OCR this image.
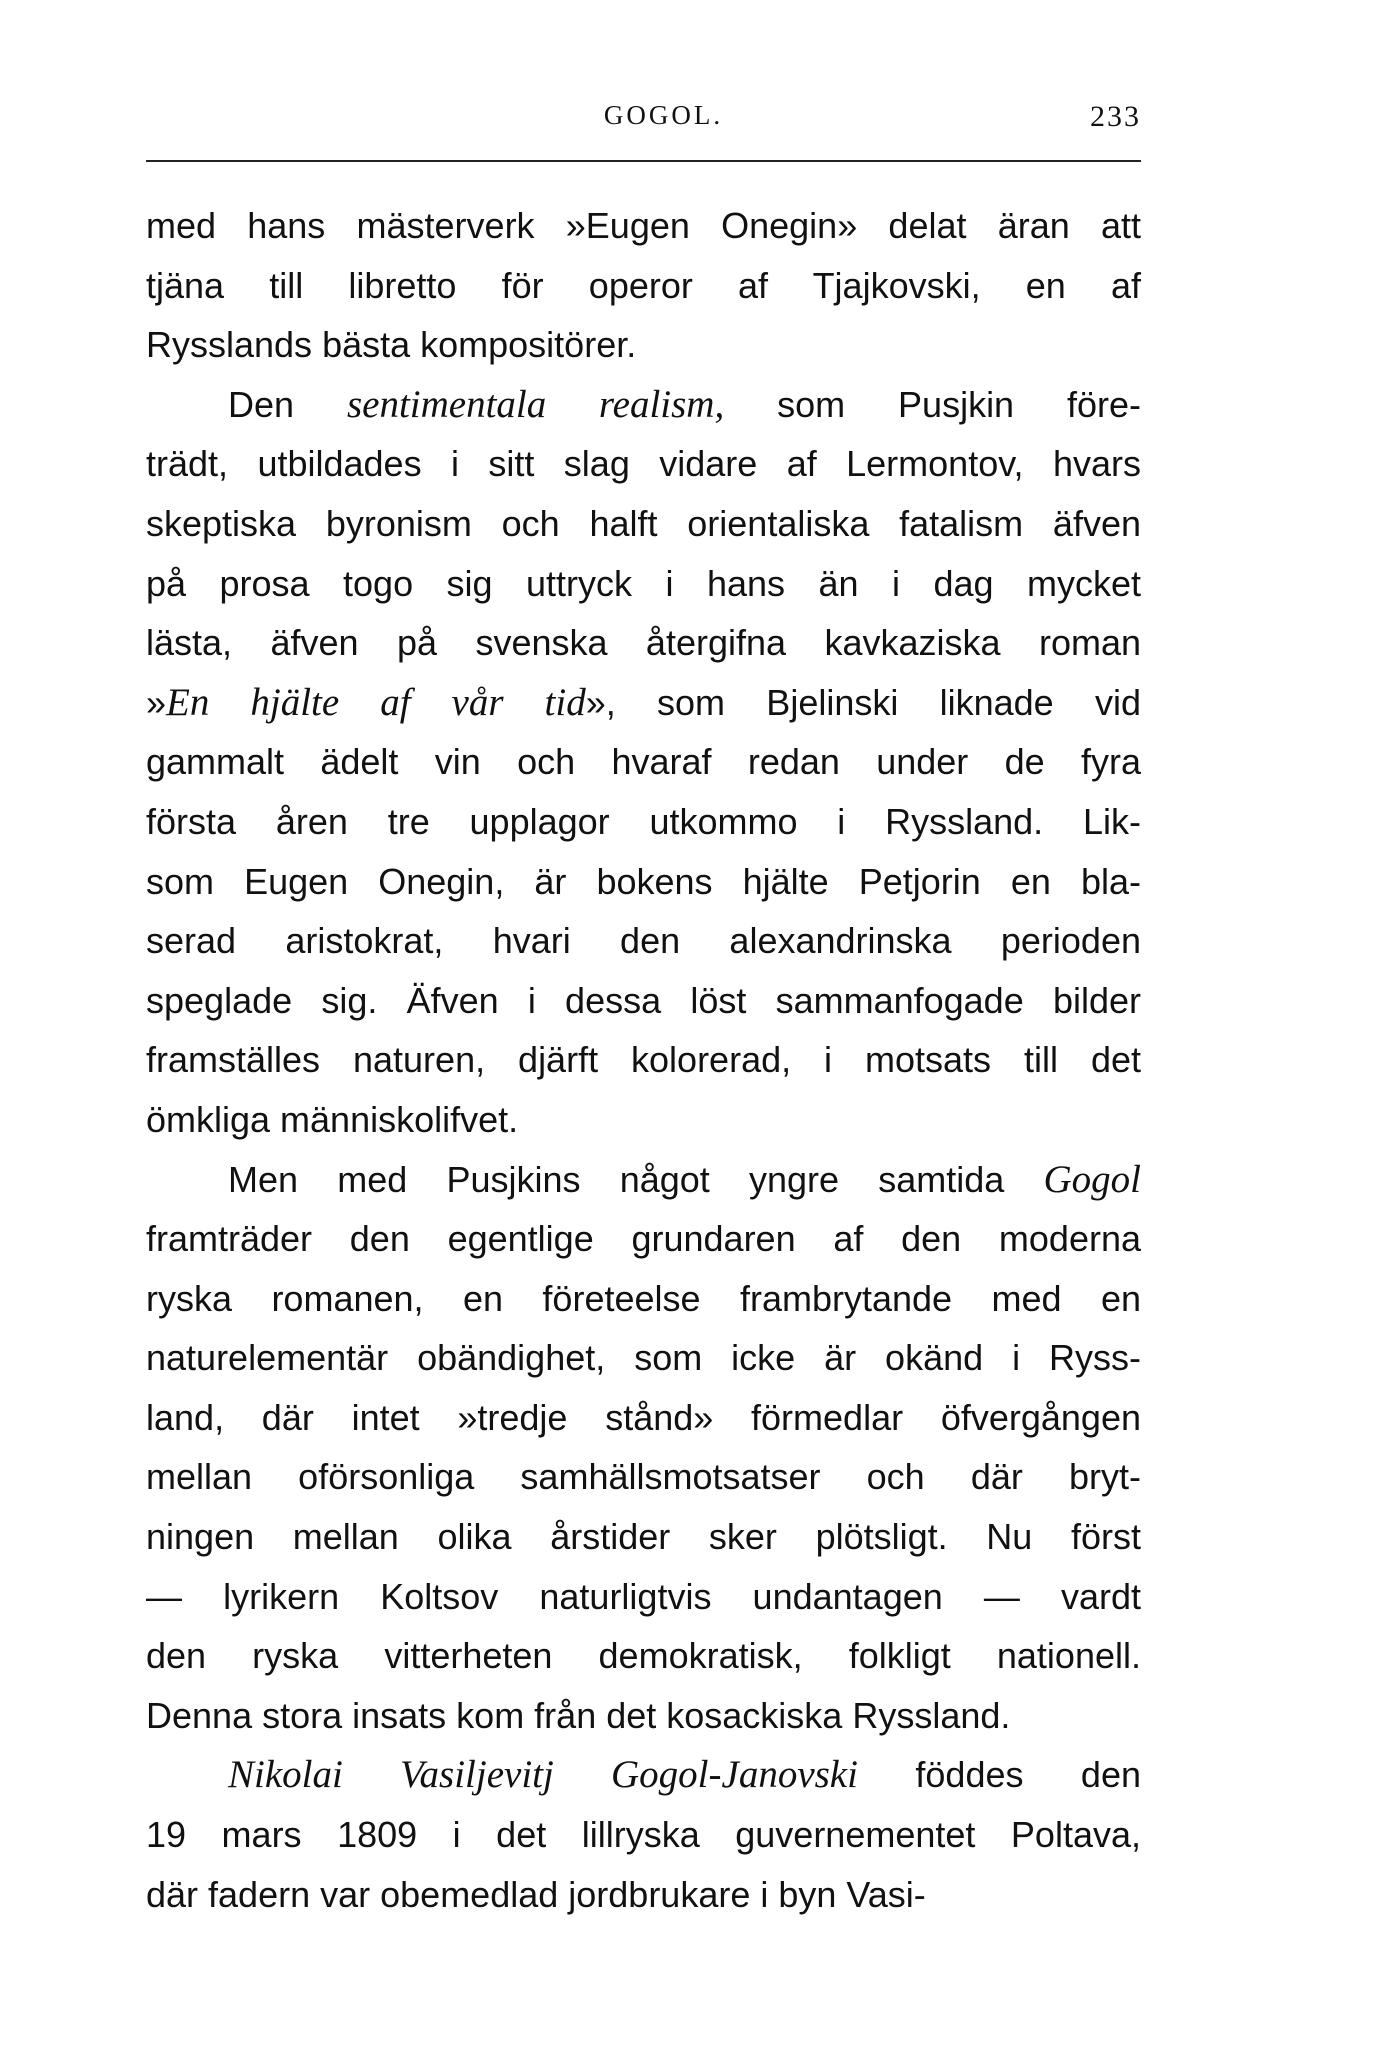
GOGOL.	233
med hans mästerverk »Eugen Onegin» delat äran att
tjäna till libretto för operor af Tjajkovski, en af
Rysslands bästa kompositörer.
Den sentimentala realism, som Pusjkin före-
trädt, utbildades i sitt slag vidare af Lermontov, hvars
skeptiska byronism och halft orientaliska fatalism äfven
på prosa togo sig uttryck i hans än i dag mycket
lästa, äfven på svenska återgifna kavkaziska roman
»En hjälte af vår tid», som Bjelinski liknade vid
gammalt ädelt vin och hvaraf redan under de fyra
första åren tre upplagor utkommo i Ryssland. Lik-
som Eugen Onegin, är bokens hjälte Petjorin en bla-
serad aristokrat, hvari den alexandrinska perioden
speglade sig. Äfven i dessa löst sammanfogade bilder
framställes naturen, djärft kolorerad, i motsats till det
ömkliga människolifvet.
Men med Pusjkins något yngre samtida Gogol
framträder den egentlige grundaren af den moderna
ryska romanen, en företeelse frambrytande med en
naturelementär obändighet, som icke är okänd i Ryss-
land, där intet »tredje stånd» förmedlar öfvergången
mellan oförsonliga samhällsmotsatser och där bryt-
ningen mellan olika årstider sker plötsligt. Nu först
— lyrikern Koltsov naturligtvis undantagen — vardt
den ryska vitterheten demokratisk, folkligt nationell.
Denna stora insats kom från det kosackiska Ryssland.
Nikolai Vasiljevitj Gogol-Janovski föddes den
19 mars 1809 i det lillryska guvernementet Poltava,
där fadern var obemedlad jordbrukare i byn Vasi-
